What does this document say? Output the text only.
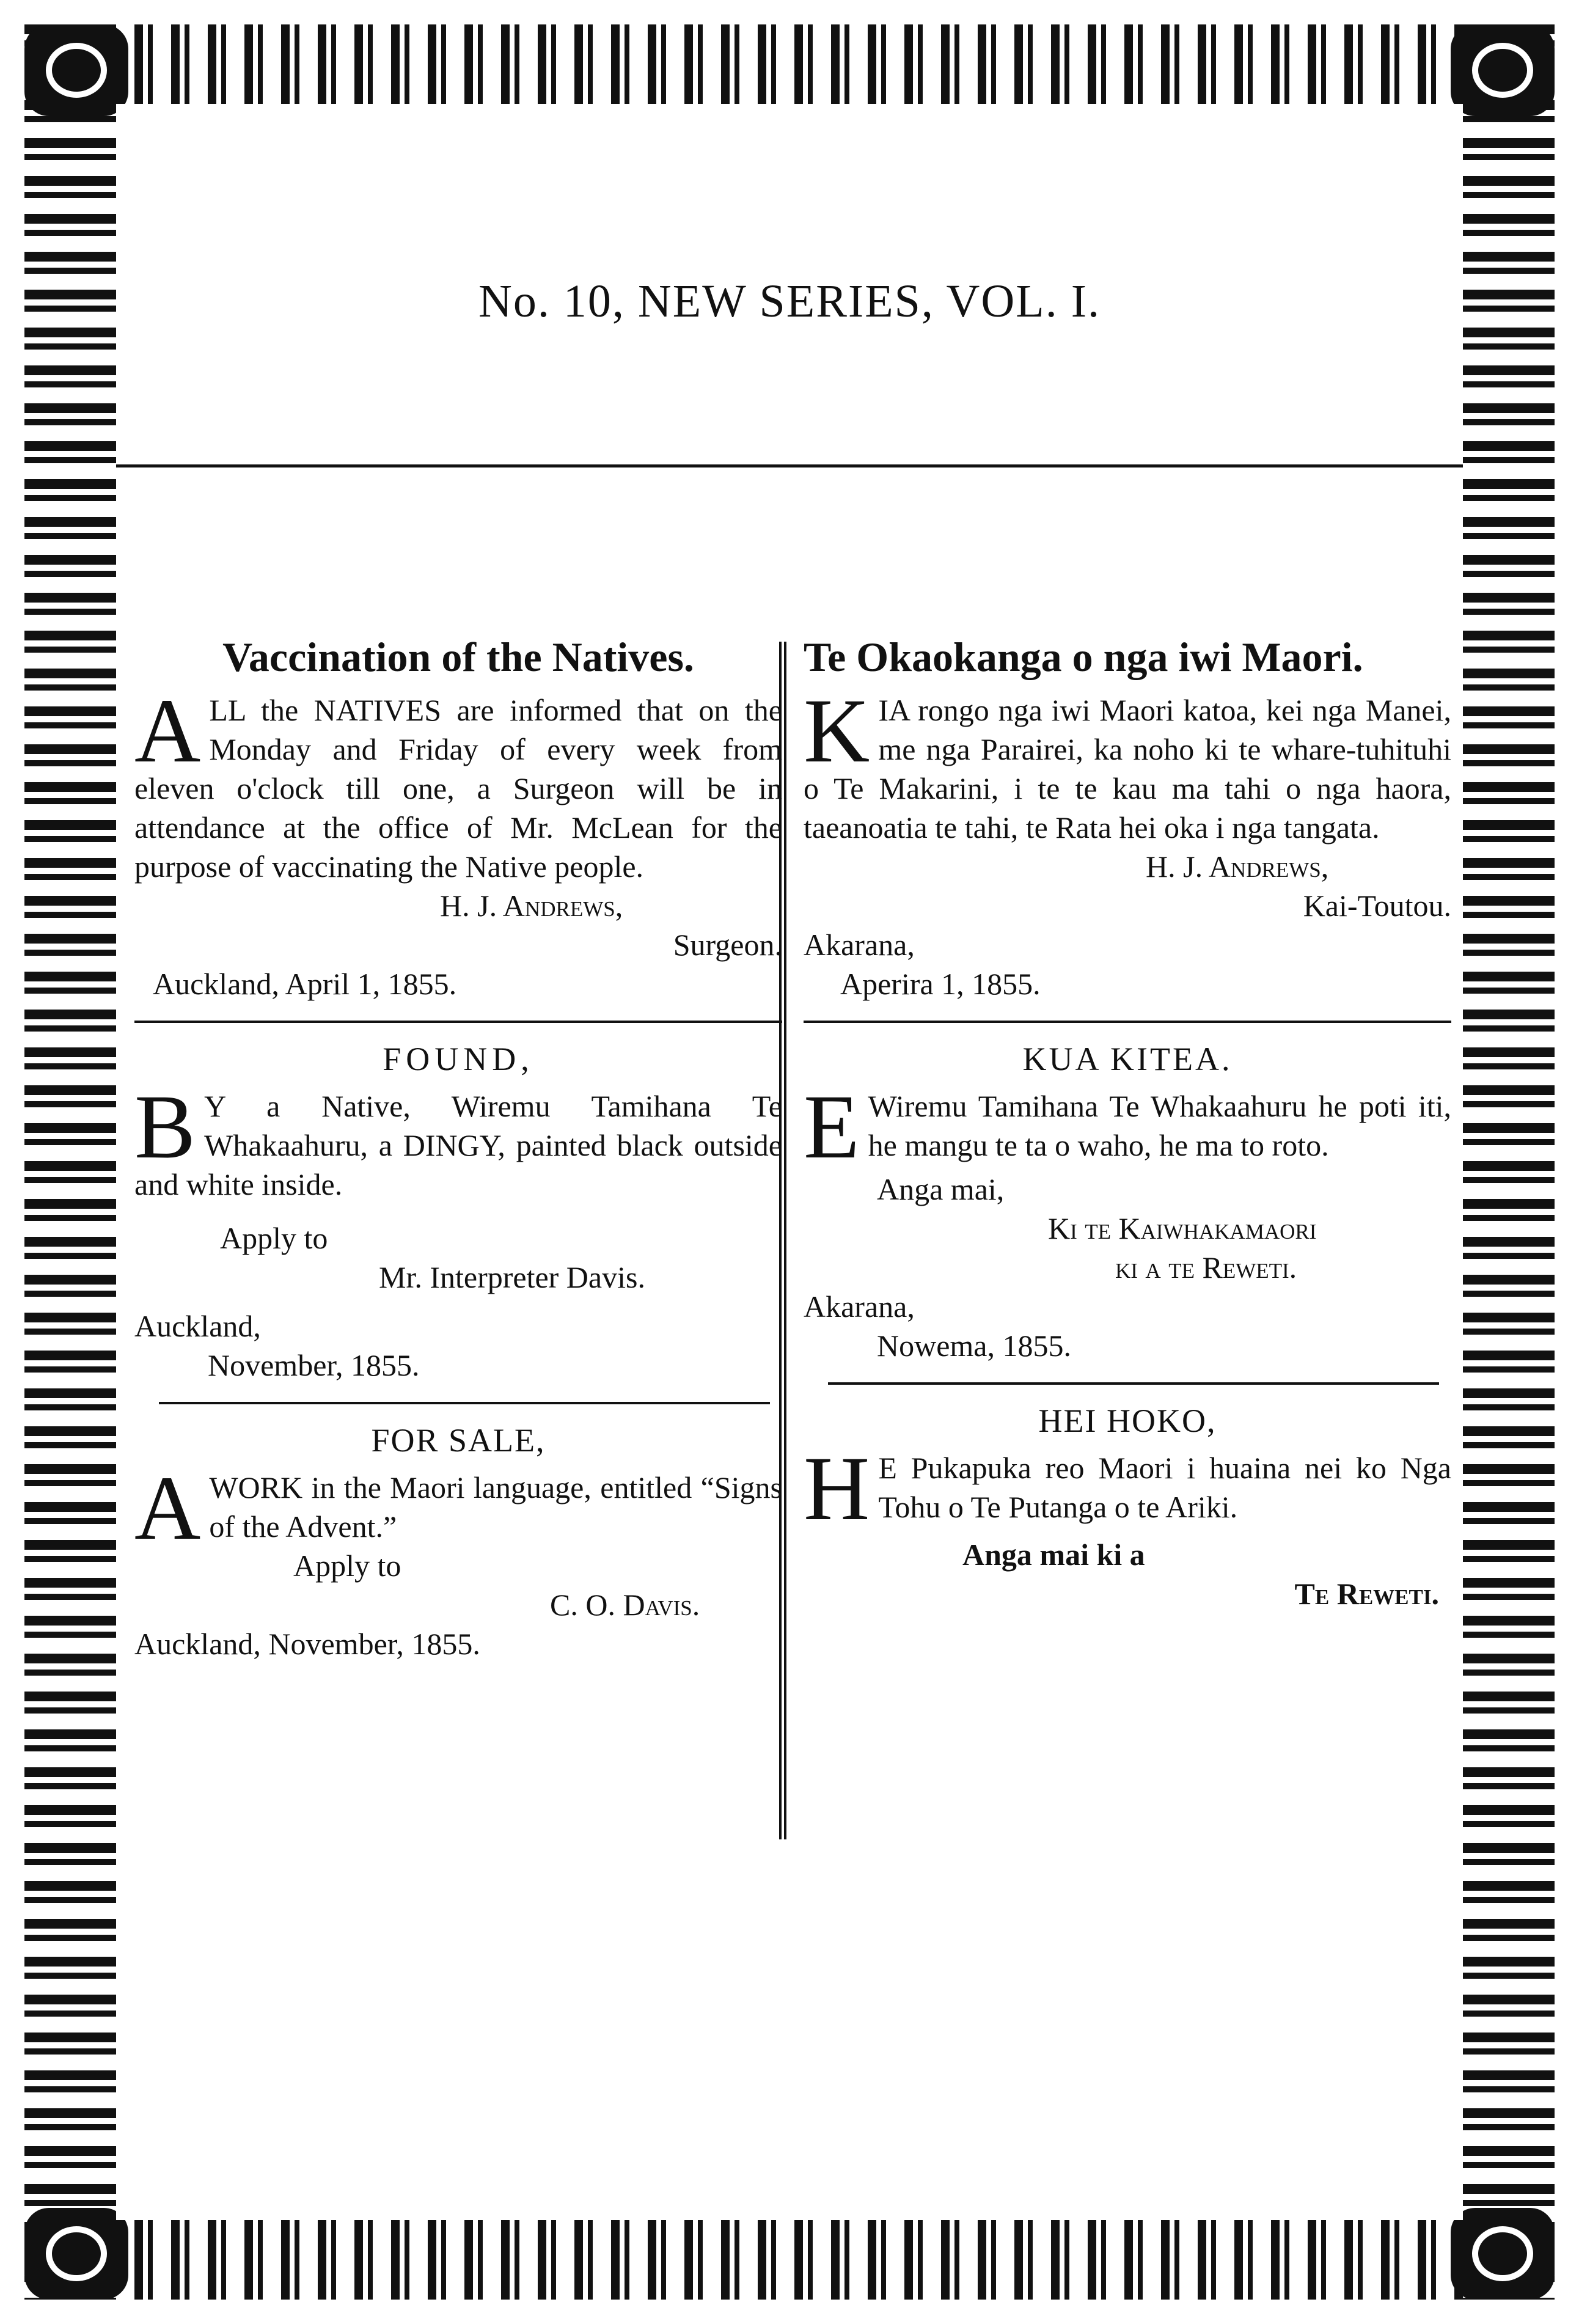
No. 10, NEW SERIES, VOL. I.
Vaccination of the Natives.

ALL the NATIVES are informed that on the Monday and Friday of every week from eleven o'clock till one, a Surgeon will be in attendance at the office of Mr. McLean for the purpose of vaccinating the Native people.

H. J. Andrews,

Surgeon.

Auckland, April 1, 1855.

FOUND,

B Y a Native, Wiremu Tamihana Te Whakaahuru, a DINGY, painted black outside and white inside.

Apply to

Mr. Interpreter Davis.

Auckland,

November, 1855.

FOR SALE,

AWORK in the Maori language, entitled “Signs of the Advent.”

Apply to

C. O. Davis.

Auckland, November, 1855.

Te Okaokanga o nga iwi Maori.

KIA rongo nga iwi Maori katoa, kei nga Manei, me nga Parairei, ka noho ki te whare-tuhituhi o Te Makarini, i te te kau ma tahi o nga haora, taeanoatia te tahi, te Rata hei oka i nga tangata.

H. J. Andrews,

Kai-Toutou.

Akarana,

Aperira 1, 1855.

KUA KITEA.

E Wiremu Tamihana Te Whakaahuru he poti iti, he mangu te ta o waho, he ma to roto.

Anga mai,

Ki te Kaiwhakamaori

ki a te Reweti.

Akarana,

Nowema, 1855.

HEI HOKO,

H E Pukapuka reo Maori i huaina nei ko Nga Tohu o Te Putanga o te Ariki.

Anga mai ki a

Te Reweti.
